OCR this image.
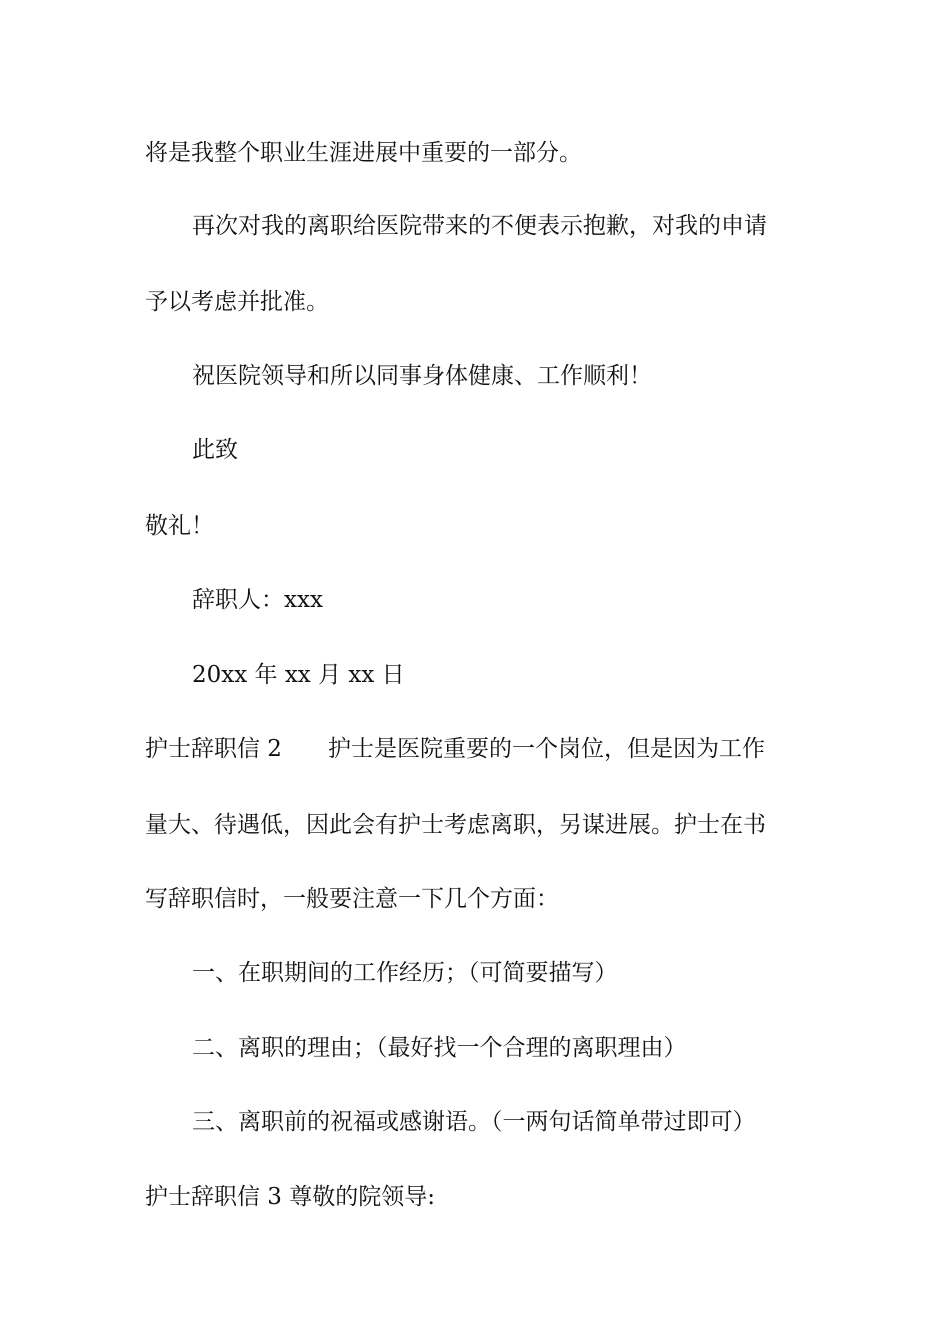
将是我整个职业生涯进展中重要的一部分。
再次对我的离职给医院带来的不便表示抱歉，对我的申请
予以考虑并批准。
祝医院领导和所以同事身体健康、工作顺利！
此致
敬礼！
辞职人：xxx
20xx 年 xx 月 xx 日
护士辞职信 2 护士是医院重要的一个岗位，但是因为工作
量大、待遇低，因此会有护士考虑离职，另谋进展。护士在书
写辞职信时，一般要注意一下几个方面：
一、在职期间的工作经历；（可简要描写）
二、离职的理由；（最好找一个合理的离职理由）
三、离职前的祝福或感谢语。（一两句话简单带过即可）
护士辞职信 3 尊敬的院领导:
